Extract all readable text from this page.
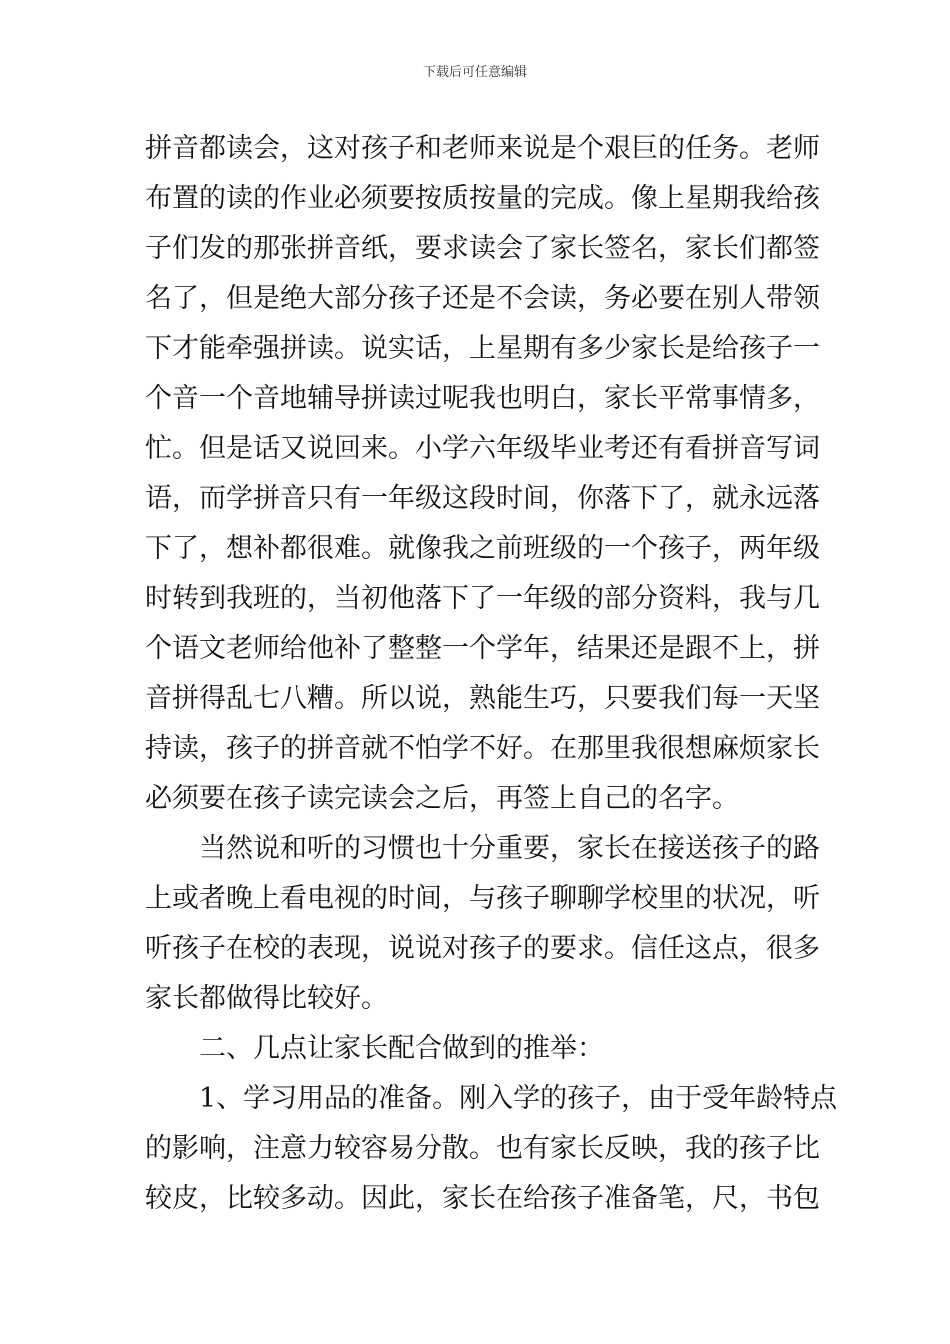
下载后可任意编辑
拼音都读会，这对孩子和老师来说是个艰巨的任务。老师
布置的读的作业必须要按质按量的完成。像上星期我给孩
子们发的那张拼音纸，要求读会了家长签名，家长们都签
名了，但是绝大部分孩子还是不会读，务必要在别人带领
下才能牵强拼读。说实话，上星期有多少家长是给孩子一
个音一个音地辅导拼读过呢我也明白，家长平常事情多，
忙。但是话又说回来。小学六年级毕业考还有看拼音写词
语，而学拼音只有一年级这段时间，你落下了，就永远落
下了，想补都很难。就像我之前班级的一个孩子，两年级
时转到我班的，当初他落下了一年级的部分资料，我与几
个语文老师给他补了整整一个学年，结果还是跟不上，拼
音拼得乱七八糟。所以说，熟能生巧，只要我们每一天坚
持读，孩子的拼音就不怕学不好。在那里我很想麻烦家长
必须要在孩子读完读会之后，再签上自己的名字。
当然说和听的习惯也十分重要，家长在接送孩子的路
上或者晚上看电视的时间，与孩子聊聊学校里的状况，听
听孩子在校的表现，说说对孩子的要求。信任这点，很多
家长都做得比较好。
二、几点让家长配合做到的推举：
1、学习用品的准备。刚入学的孩子，由于受年龄特点
的影响，注意力较容易分散。也有家长反映，我的孩子比
较皮，比较多动。因此，家长在给孩子准备笔，尺，书包
